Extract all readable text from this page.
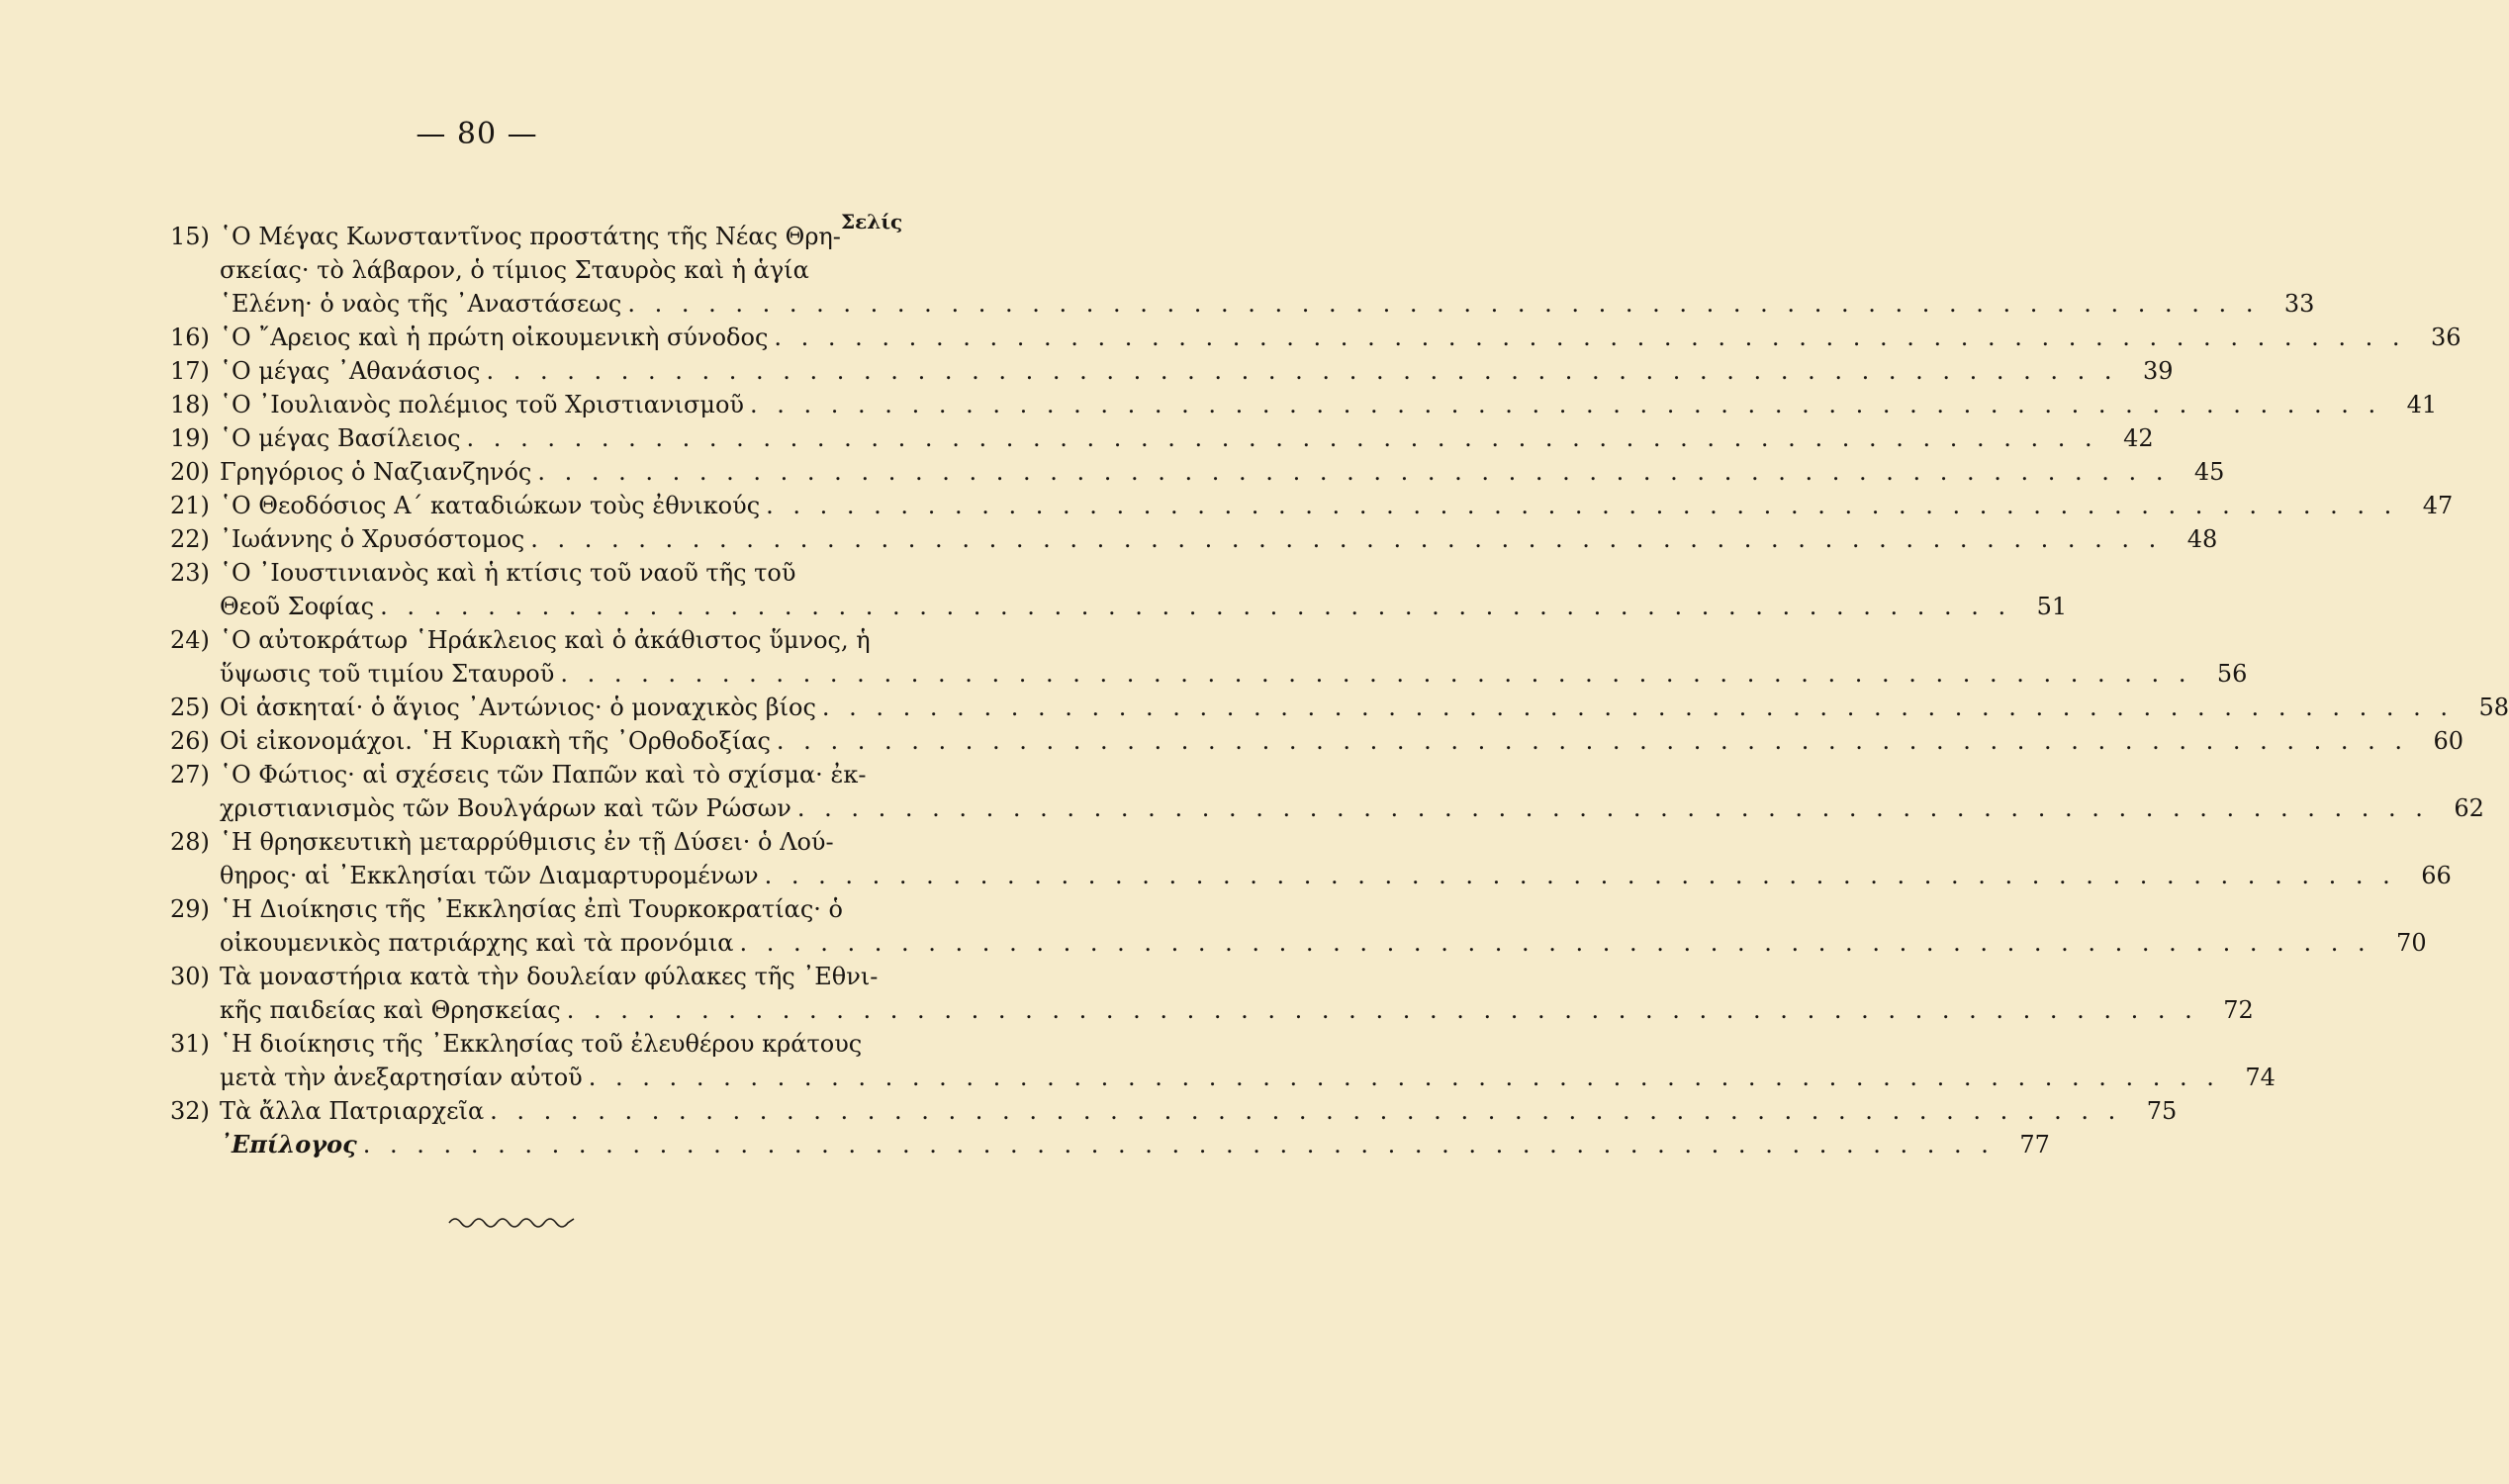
— 80 —
Σελίς
15) ῾Ο Μέγας Κωνσταντῖνος προστάτης τῆς Νέας Θρη-
σκείας· τὸ λάβαρον, ὁ τίμιος Σταυρὸς καὶ ἡ ἁγία
῾Ελένη· ὁ ναὸς τῆς ᾿Αναστάσεως . . .	33
16) ῾Ο ῎Αρειος καὶ ἡ πρώτη οἰκουμενικὴ σύνοδος . . .	36
17) ῾Ο μέγας ᾿Αθανάσιος . . .	39
18) ῾Ο ᾿Ιουλιανὸς πολέμιος τοῦ Χριστιανισμοῦ . . .	41
19) ῾Ο μέγας Βασίλειος . . .	42
20) Γρηγόριος ὁ Ναζιανζηνός . . .	45
21) ῾Ο Θεοδόσιος Α΄ καταδιώκων τοὺς ἐθνικούς . . .	47
22) ᾿Ιωάννης ὁ Χρυσόστομος . . .	48
23) ῾Ο ᾿Ιουστινιανὸς καὶ ἡ κτίσις τοῦ ναοῦ τῆς τοῦ
Θεοῦ Σοφίας . . .	51
24) ῾Ο αὐτοκράτωρ ῾Ηράκλειος καὶ ὁ ἀκάθιστος ὕμνος, ἡ
ὕψωσις τοῦ τιμίου Σταυροῦ . . .	56
25) Οἱ ἀσκηταί· ὁ ἅγιος ᾿Αντώνιος· ὁ μοναχικὸς βίος . . .	58
26) Οἱ εἰκονομάχοι. ῾Η Κυριακὴ τῆς ᾿Ορθοδοξίας . . .	60
27) ῾Ο Φώτιος· αἱ σχέσεις τῶν Παπῶν καὶ τὸ σχίσμα· ἐκ-
χριστιανισμὸς τῶν Βουλγάρων καὶ τῶν Ρώσων . . .	62
28) ῾Η θρησκευτικὴ μεταρρύθμισις ἐν τῇ Δύσει· ὁ Λού-
θηρος· αἱ ᾿Εκκλησίαι τῶν Διαμαρτυρομένων . . .	66
29) ῾Η Διοίκησις τῆς ᾿Εκκλησίας ἐπὶ Τουρκοκρατίας· ὁ
οἰκουμενικὸς πατριάρχης καὶ τὰ προνόμια . . .	70
30) Τὰ μοναστήρια κατὰ τὴν δουλείαν φύλακες τῆς ᾿Εθνι-
κῆς παιδείας καὶ Θρησκείας . . .	72
31) ῾Η διοίκησις τῆς ᾿Εκκλησίας τοῦ ἐλευθέρου κράτους
μετὰ τὴν ἀνεξαρτησίαν αὐτοῦ . . .	74
32) Τὰ ἄλλα Πατριαρχεῖα . . .	75
᾿Επίλογος . . .	77
